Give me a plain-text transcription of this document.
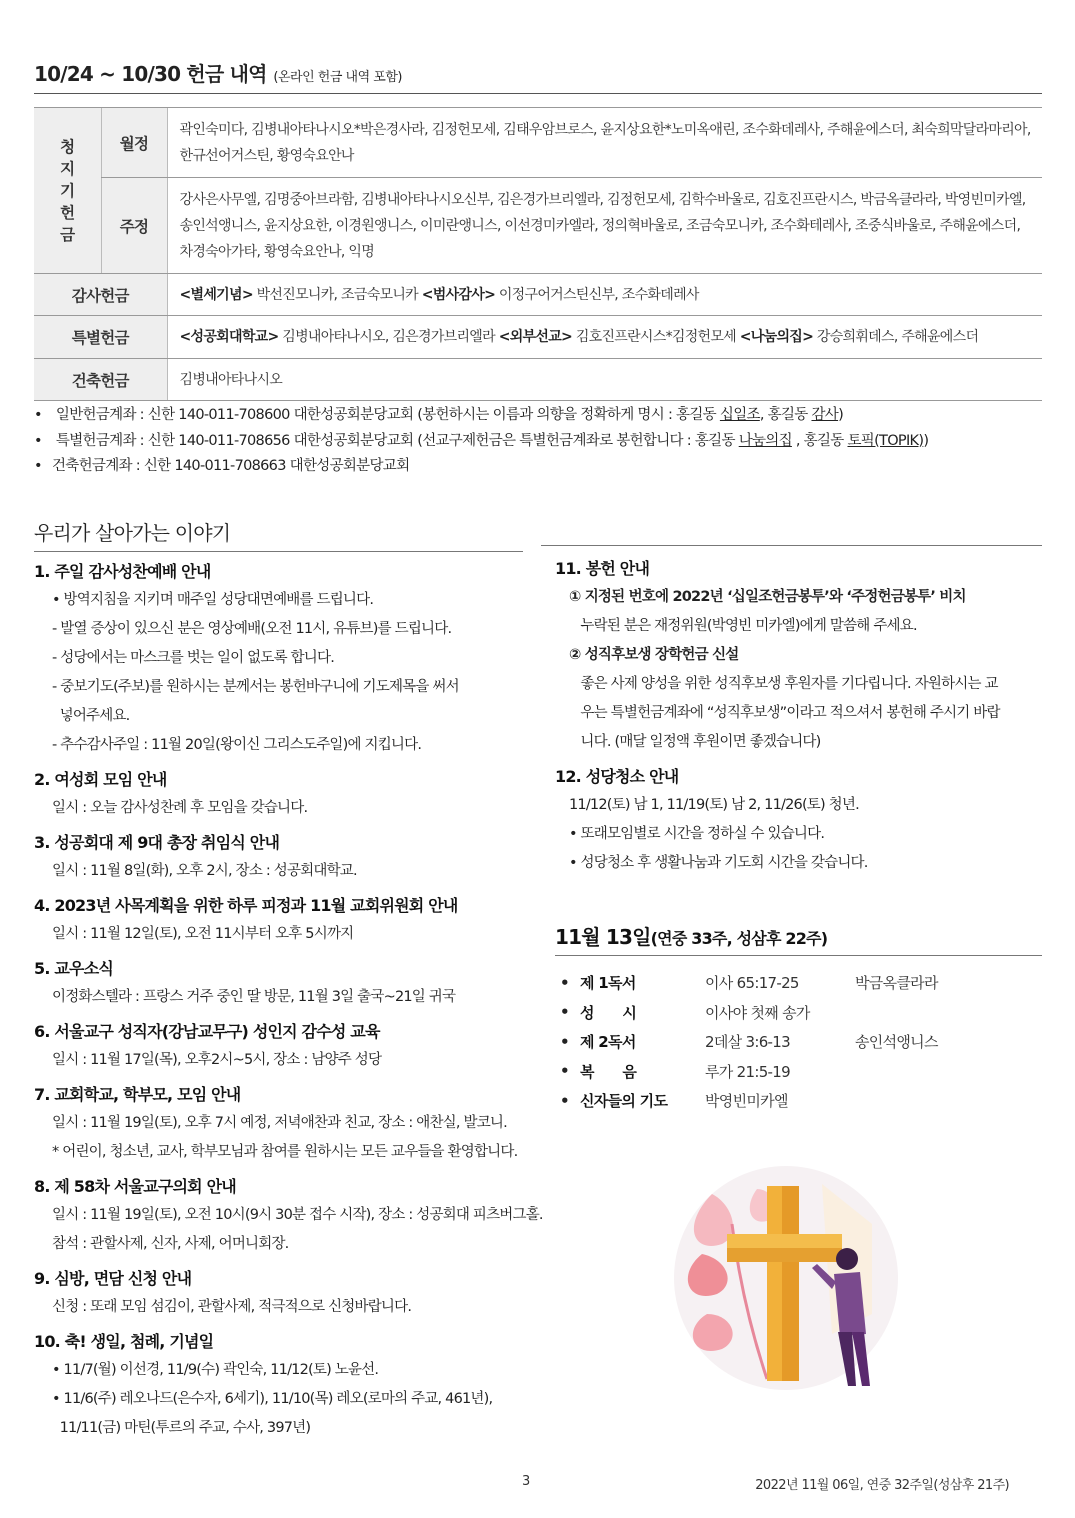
10/24 ~ 10/30 헌금 내역 (온라인 헌금 내역 포함)
청
지
기
헌
금	월정	곽인숙미다, 김병내아타나시오*박은경사라, 김정헌모세, 김태우암브로스, 윤지상요한*노미옥애린, 조수화데레사, 주해윤에스더, 최숙희막달라마리아, 한규선어거스틴, 황영숙요안나
	주정	강사은사무엘, 김명중아브라함, 김병내아타나시오신부, 김은경가브리엘라, 김정헌모세, 김학수바울로, 김호진프란시스, 박금옥클라라, 박영빈미카엘, 송인석앵니스, 윤지상요한, 이경원앵니스, 이미란앵니스, 이선경미카엘라, 정의혁바울로, 조금숙모니카, 조수화테레사, 조중식바울로, 주해윤에스더, 차경숙아가타, 황영숙요안나, 익명
감사헌금		<별세기념> 박선진모니카, 조금숙모니카 <범사감사> 이정구어거스틴신부, 조수화데레사
특별헌금		<성공회대학교> 김병내아타나시오, 김은경가브리엘라 <외부선교> 김호진프란시스*김정헌모세 <나눔의집> 강승희휘데스, 주해윤에스더
건축헌금		김병내아타나시오
• 일반헌금계좌 : 신한 140-011-708600 대한성공회분당교회 (봉헌하시는 이름과 의향을 정확하게 명시 : 홍길동 십일조, 홍길동 감사)
• 특별헌금계좌 : 신한 140-011-708656 대한성공회분당교회 (선교구제헌금은 특별헌금계좌로 봉헌합니다 : 홍길동 나눔의집 , 홍길동 토픽(TOPIK))
• 건축헌금계좌 : 신한 140-011-708663 대한성공회분당교회
우리가 살아가는 이야기
1. 주일 감사성찬예배 안내
• 방역지침을 지키며 매주일 성당대면예배를 드립니다.
- 발열 증상이 있으신 분은 영상예배(오전 11시, 유튜브)를 드립니다.
- 성당에서는 마스크를 벗는 일이 없도록 합니다.
- 중보기도(주보)를 원하시는 분께서는 봉헌바구니에 기도제목을 써서
넣어주세요.
- 추수감사주일 : 11월 20일(왕이신 그리스도주일)에 지킵니다.
2. 여성회 모임 안내
일시 : 오늘 감사성찬례 후 모임을 갖습니다.
3. 성공회대 제 9대 총장 취임식 안내
일시 : 11월 8일(화), 오후 2시, 장소 : 성공회대학교.
4. 2023년 사목계획을 위한 하루 피정과 11월 교회위원회 안내
일시 : 11월 12일(토), 오전 11시부터 오후 5시까지
5. 교우소식
이정화스텔라 : 프랑스 거주 중인 딸 방문, 11월 3일 출국~21일 귀국
6. 서울교구 성직자(강남교무구) 성인지 감수성 교육
일시 : 11월 17일(목), 오후2시~5시, 장소 : 남양주 성당
7. 교회학교, 학부모, 모임 안내
일시 : 11월 19일(토), 오후 7시 예정, 저녁애찬과 친교, 장소 : 애찬실, 발코니.
* 어린이, 청소년, 교사, 학부모님과 참여를 원하시는 모든 교우들을 환영합니다.
8. 제 58차 서울교구의회 안내
일시 : 11월 19일(토), 오전 10시(9시 30분 접수 시작), 장소 : 성공회대 피츠버그홀.
참석 : 관할사제, 신자, 사제, 어머니회장.
9. 심방, 면담 신청 안내
신청 : 또래 모임 섬김이, 관할사제, 적극적으로 신청바랍니다.
10. 축! 생일, 첨례, 기념일
• 11/7(월) 이선경, 11/9(수) 곽인숙, 11/12(토) 노윤선.
• 11/6(주) 레오나드(은수자, 6세기), 11/10(목) 레오(로마의 주교, 461년),
11/11(금) 마틴(투르의 주교, 수사, 397년)
11. 봉헌 안내
① 지정된 번호에 2022년 ‘십일조헌금봉투’와 ‘주정헌금봉투’ 비치
누락된 분은 재정위원(박영빈 미카엘)에게 말씀해 주세요.
② 성직후보생 장학헌금 신설
좋은 사제 양성을 위한 성직후보생 후원자를 기다립니다. 자원하시는 교
우는 특별헌금계좌에 “성직후보생”이라고 적으셔서 봉헌해 주시기 바랍
니다. (매달 일정액 후원이면 좋겠습니다)
12. 성당청소 안내
11/12(토) 남 1, 11/19(토) 남 2, 11/26(토) 청년.
• 또래모임별로 시간을 정하실 수 있습니다.
• 성당청소 후 생활나눔과 기도회 시간을 갖습니다.
11월 13일(연중 33주, 성삼후 22주)
• 제 1독서	이사 65:17-25	박금옥클라라
• 성　　시	이사야 첫째 송가
• 제 2독서	2데살 3:6-13	송인석앵니스
• 복　　음	루가 21:5-19
• 신자들의 기도	박영빈미카엘
3	2022년 11월 06일, 연중 32주일(성삼후 21주)
